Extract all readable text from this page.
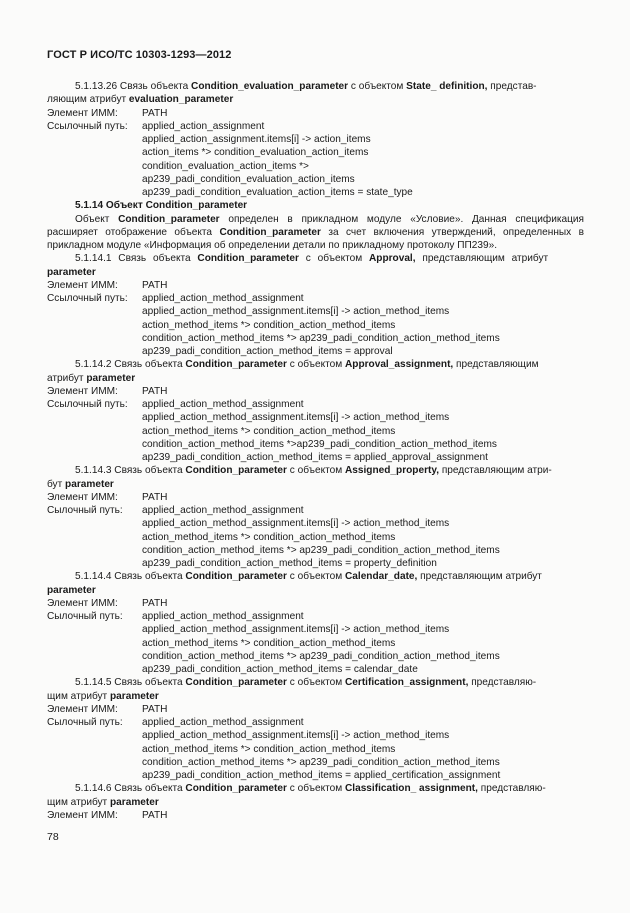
ГОСТ Р ИСО/ТС 10303-1293—2012

5.1.13.26 Связь объекта Condition_evaluation_parameter с объектом State_ definition, представ-

ляющим атрибут evaluation_parameter

Элемент ИММ:	PATH
Ссылочный путь:	applied_action_assignment
applied_action_assignment.items[i] -> action_items
action_items *> condition_evaluation_action_items
condition_evaluation_action_items *>
ap239_padi_condition_evaluation_action_items
ap239_padi_condition_evaluation_action_items = state_type
5.1.14 Объект Condition_parameter

Объект Condition_parameter определен в прикладном модуле «Условие». Данная спецификация расширяет отображение объекта Condition_parameter за счет включения утверждений, определенных в прикладном модуле «Информация об определении детали по прикладному протоколу ПП239».

5.1.14.1 Связь объекта Condition_parameter с объектом Approval, представляющим атрибут

parameter

Элемент ИММ:	PATH
Ссылочный путь:	applied_action_method_assignment
applied_action_method_assignment.items[i] -> action_method_items
action_method_items *> condition_action_method_items
condition_action_method_items *> ap239_padi_condition_action_method_items
ap239_padi_condition_action_method_items = approval

5.1.14.2 Связь объекта Condition_parameter с объектом Approval_assignment, представляющим

атрибут parameter

Элемент ИММ:	PATH
Ссылочный путь:	applied_action_method_assignment
applied_action_method_assignment.items[i] -> action_method_items
action_method_items *> condition_action_method_items
condition_action_method_items *>ap239_padi_condition_action_method_items
ap239_padi_condition_action_method_items = applied_approval_assignment

5.1.14.3 Связь объекта Condition_parameter с объектом Assigned_property, представляющим атри-

бут parameter

Элемент ИММ:	PATH
Сылочный путь:	applied_action_method_assignment
applied_action_method_assignment.items[i] -> action_method_items
action_method_items *> condition_action_method_items
condition_action_method_items *> ap239_padi_condition_action_method_items
ap239_padi_condition_action_method_items = property_definition

5.1.14.4 Связь объекта Condition_parameter с объектом Calendar_date, представляющим атрибут

parameter

Элемент ИММ:	PATH
Сылочный путь:	applied_action_method_assignment
applied_action_method_assignment.items[i] -> action_method_items
action_method_items *> condition_action_method_items
condition_action_method_items *> ap239_padi_condition_action_method_items
ap239_padi_condition_action_method_items = calendar_date

5.1.14.5 Связь объекта Condition_parameter с объектом Certification_assignment, представляю-

щим атрибут parameter

Элемент ИММ:	PATH
Сылочный путь:	applied_action_method_assignment
applied_action_method_assignment.items[i] -> action_method_items
action_method_items *> condition_action_method_items
condition_action_method_items *> ap239_padi_condition_action_method_items
ap239_padi_condition_action_method_items = applied_certification_assignment

5.1.14.6 Связь объекта Condition_parameter с объектом Classification_ assignment, представляю-

щим атрибут parameter

Элемент ИММ:	PATH
78
